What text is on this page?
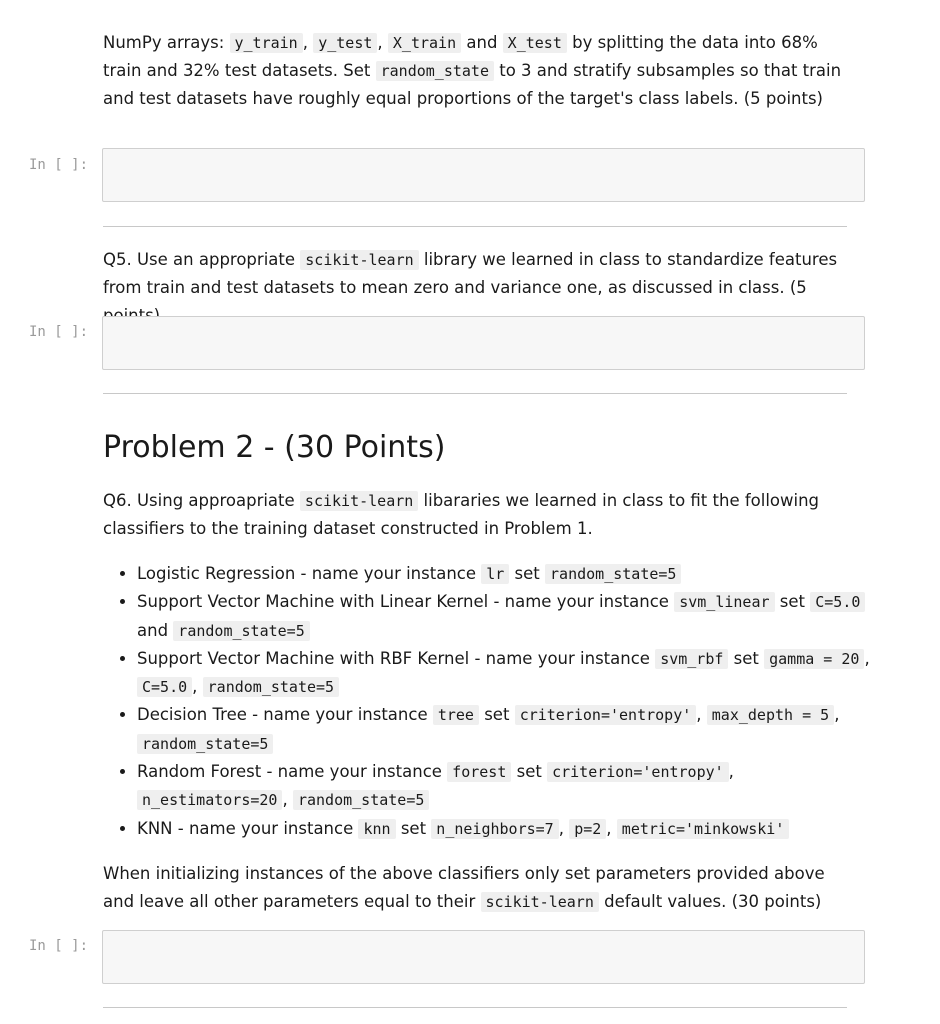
NumPy arrays: y_train , y_test , X_train and X_test by splitting the data into 68% train and 32% test datasets. Set random_state to 3 and stratify subsamples so that train and test datasets have roughly equal proportions of the target's class labels. (5 points)

In [ ]:

Q5. Use an appropriate scikit-learn library we learned in class to standardize features from train and test datasets to mean zero and variance one, as discussed in class. (5

In [ ]:
Problem 2 - (30 Points)

Q6. Using approapriate scikit-learn libararies we learned in class to fit the following classifiers to the training dataset constructed in Problem 1.

• Logistic Regression - name your instance lr set random_state=5
• Support Vector Machine with Linear Kernel - name your instance svm_linear set C=5.0 and random_state=5
• Support Vector Machine with RBF Kernel - name your instance svm_rbf set gamma = 20 , C=5.0 , random_state=5
• Decision Tree - name your instance tree set criterion='entropy' , max_depth = 5 , random_state=5
• Random Forest - name your instance forest set criterion='entropy' , n_estimators=20 , random_state=5
• KNN - name your instance knn set n_neighbors=7 , p=2 , metric='minkowski'

When initializing instances of the above classifiers only set parameters provided above and leave all other parameters equal to their scikit-learn default values. (30 points)

In [ ]:
